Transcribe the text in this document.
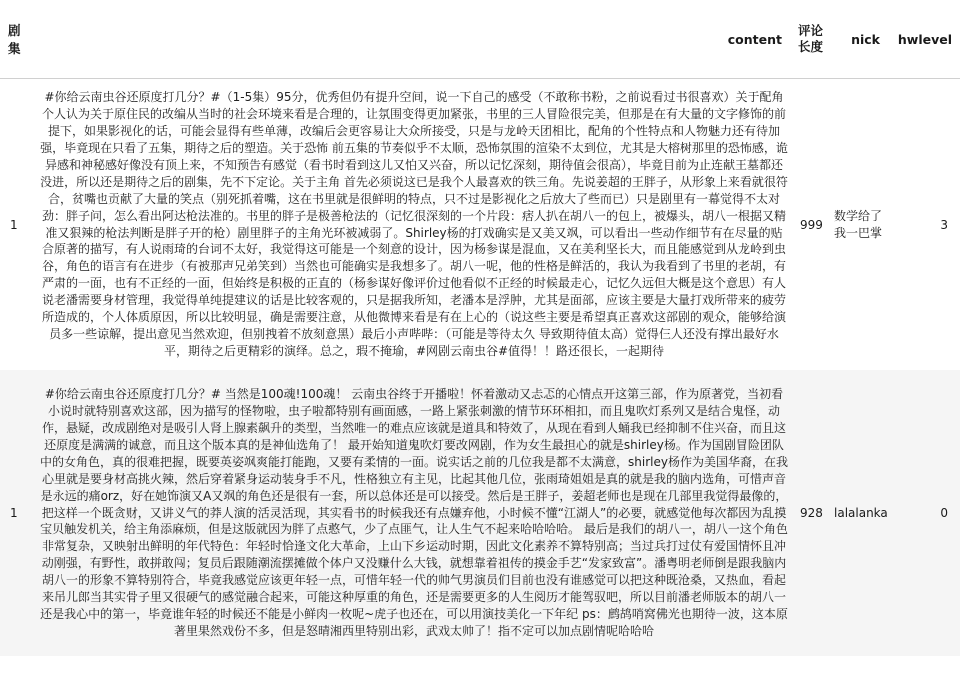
剧集	content	评论长度	nick	hwlevel
1	#你给云南虫谷还原度打几分？#（1-5集）95分，优秀但仍有提升空间，说一下自己的感受（不敢称书粉，之前说看过书很喜欢）关于配角 个人认为关于原住民的改编从当时的社会环境来看是合理的，让氛围变得更加紧张，书里的三人冒险很完美，但那是在有大量的文字修饰的前提下，如果影视化的话，可能会显得有些单薄，改编后会更容易让大众所接受，只是与龙岭天团相比，配角的个性特点和人物魅力还有待加强，毕竟现在只看了五集，期待之后的塑造。关于恐怖 前五集的节奏似乎不太顺，恐怖氛围的渲染不太到位，尤其是大榕树那里的恐怖感，诡异感和神秘感好像没有顶上来，不知预告有感觉（看书时看到这儿又怕又兴奋，所以记忆深刻，期待值会很高），毕竟目前为止连献王墓都还没进，所以还是期待之后的剧集，先不下定论。关于主角 首先必须说这已是我个人最喜欢的铁三角。先说姜超的王胖子，从形象上来看就很符合，贫嘴也贡献了大量的笑点（别死抓着嘴，这在书里就是很鲜明的特点，只不过是影视化之后放大了些而已）只是剧里有一幕觉得不太对劲：胖子问，怎么看出阿达枪法准的。书里的胖子是极善枪法的（记忆很深刻的一个片段：痞人扒在胡八一的包上，被爆头，胡八一根据又精准又狠辣的枪法判断是胖子开的枪）剧里胖子的主角光环被减弱了。Shirley杨的打戏确实是又美又飒，可以看出一些动作细节有在尽量的贴合原著的描写，有人说雨琦的台词不太好，我觉得这可能是一个刻意的设计，因为杨参谋是混血，又在美利坚长大，而且能感觉到从龙岭到虫谷，角色的语言有在进步（有被那声兄弟笑到）当然也可能确实是我想多了。胡八一呢，他的性格是鲜活的，我认为我看到了书里的老胡，有严肃的一面，也有不正经的一面，但始终是积极的正直的（杨参谋好像评价过他看似不正经的时候最走心，记忆久远但大概是这个意思）有人说老潘需要身材管理，我觉得单纯提建议的话是比较客观的，只是据我所知，老潘本是浮肿，尤其是面部，应该主要是大量打戏所带来的疲劳所造成的，个人体质原因，所以比较明显，确是需要注意，从他微博来看是有在上心的（说这些主要是希望真正喜欢这部剧的观众，能够给演员多一些谅解，提出意见当然欢迎，但别拽着不放刻意黑）最后小声哔哔：（可能是等待太久 导致期待值太高）觉得仨人还没有撑出最好水平，期待之后更精彩的演绎。总之，瑕不掩瑜，#网剧云南虫谷#值得！！路还很长，一起期待	999	数学给了我一巴掌	3
1	#你给云南虫谷还原度打几分？# 当然是100魂!100魂！ 云南虫谷终于开播啦！怀着激动又忐忑的心情点开这第三部，作为原著党，当初看小说时就特别喜欢这部，因为描写的怪物啦，虫子啦都特别有画面感，一路上紧张刺激的情节环环相扣，而且鬼吹灯系列又是结合鬼怪，动作，悬疑，改成剧绝对是吸引人肾上腺素飙升的类型，当然唯一的难点应该就是道具和特效了，从现在看到人蛹我已经抑制不住兴奋，而且这还原度是满满的诚意，而且这个版本真的是神仙选角了！ 最开始知道鬼吹灯要改网剧，作为女生最担心的就是shirley杨。作为国剧冒险团队中的女角色，真的很难把握，既要英姿飒爽能打能跑，又要有柔情的一面。说实话之前的几位我是都不太满意，shirley杨作为美国华裔，在我心里就是要身材高挑火辣，然后穿着紧身运动装身手不凡，性格独立有主见，比起其他几位，张雨琦姐姐是真的就是我的脑内选角，可惜声音是永远的痛orz，好在她饰演又A又飒的角色还是很有一套，所以总体还是可以接受。然后是王胖子，姜超老师也是现在几部里我觉得最像的，把这样一个既贪财，又讲义气的莽人演的活灵活现，其实看书的时候我还有点嫌弃他，小时候不懂“江湖人”的必要，就感觉他每次都因为乱摸宝贝触发机关，给主角添麻烦，但是这版就因为胖了点憨气，少了点匪气，让人生气不起来哈哈哈哈。 最后是我们的胡八一，胡八一这个角色非常复杂，又映射出鲜明的年代特色：年轻时恰逢文化大革命，上山下乡运动时期，因此文化素养不算特别高；当过兵打过仗有爱国情怀且冲动刚强，有野性，敢拼敢闯；复员后跟随潮流摆摊做个体户又没赚什么大钱，就想靠着祖传的摸金手艺“发家致富”。潘粤明老师倒是跟我脑内胡八一的形象不算特别符合，毕竟我感觉应该更年轻一点，可惜年轻一代的帅气男演员们目前也没有谁感觉可以把这种既沧桑，又热血，看起来吊儿郎当其实骨子里又很硬气的感觉融合起来，可能这种厚重的角色，还是需要更多的人生阅历才能驾驭吧，所以目前潘老师版本的胡八一还是我心中的第一，毕竟谁年轻的时候还不能是小鲜肉一枚呢~虎子也还在，可以用演技美化一下年纪 ps：鹧鸪哨窝佛光也期待一波，这本原著里果然戏份不多，但是怒晴湘西里特别出彩，武戏太帅了！指不定可以加点剧情呢哈哈哈	928	lalalanka	0
